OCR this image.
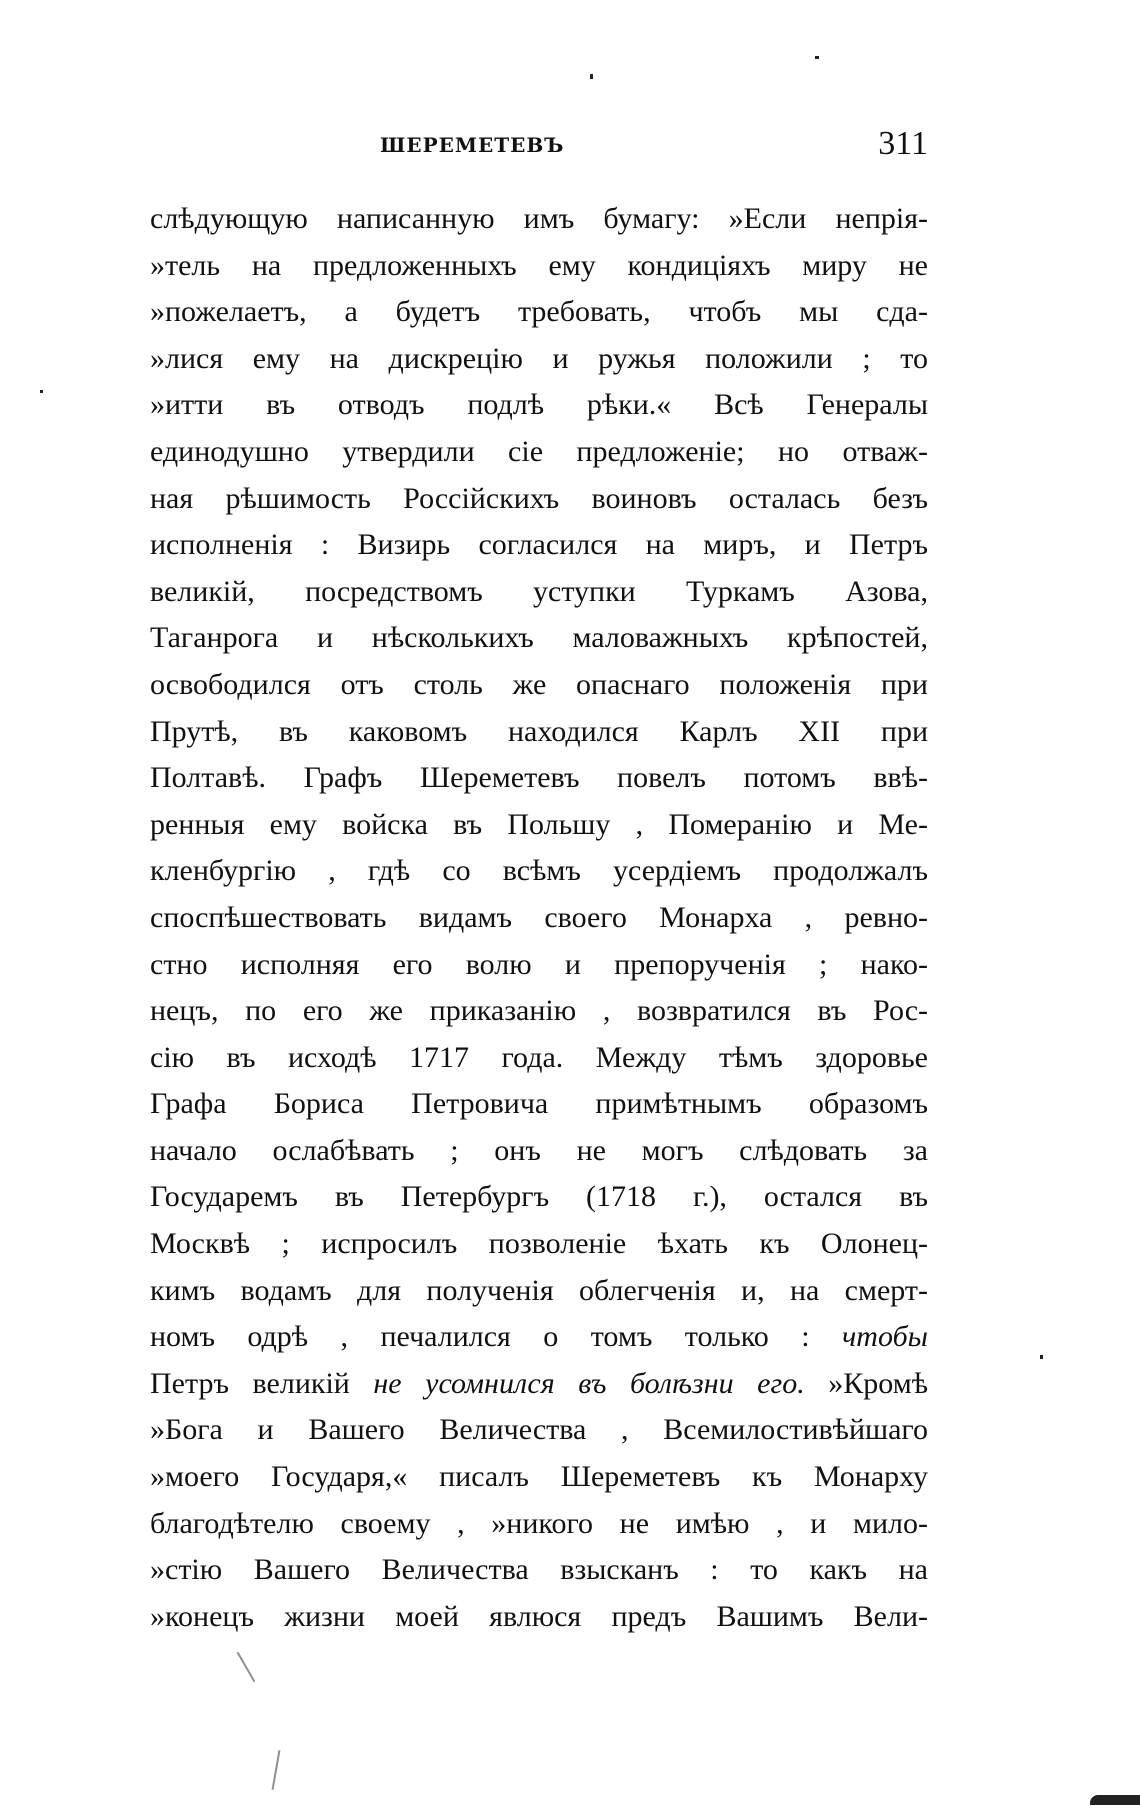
ШЕРЕМЕТЕВЪ	311
слѣдующую написанную имъ бумагу: »Если непрія-
»тель на предложенныхъ ему кондиціяхъ миру не
»пожелаетъ, а будетъ требовать, чтобъ мы сда-
»лися ему на дискрецію и ружья положили ; то
»итти въ отводъ подлѣ рѣки.« Всѣ Генералы
единодушно утвердили сіе предложеніе; но отваж-
ная рѣшимость Россійскихъ воиновъ осталась безъ
исполненія : Визирь согласился на миръ, и Петръ
великій, посредствомъ уступки Туркамъ Азова,
Таганрога и нѣсколькихъ маловажныхъ крѣпостей,
освободился отъ столь же опаснаго положенія при
Прутѣ, въ каковомъ находился Карлъ XII при
Полтавѣ. Графъ Шереметевъ повелъ потомъ ввѣ-
ренныя ему войска въ Польшу , Померанію и Ме-
кленбургію , гдѣ со всѣмъ усердіемъ продолжалъ
споспѣшествовать видамъ своего Монарха , ревно-
стно исполняя его волю и препорученія ; нако-
нецъ, по его же приказанію , возвратился въ Рос-
сію въ исходѣ 1717 года. Между тѣмъ здоровье
Графа Бориса Петровича примѣтнымъ образомъ
начало ослабѣвать ; онъ не могъ слѣдовать за
Государемъ въ Петербургъ (1718 г.), остался въ
Москвѣ ; испросилъ позволеніе ѣхать къ Олонец-
кимъ водамъ для полученія облегченія и, на смерт-
номъ одрѣ , печалился о томъ только : чтобы
Петръ великій не усомнился въ болѣзни его. »Кромѣ
»Бога и Вашего Величества , Всемилостивѣйшаго
»моего Государя,« писалъ Шереметевъ къ Монарху
благодѣтелю своему , »никого не имѣю , и мило-
»стію Вашего Величества взысканъ : то какъ на
»конецъ жизни моей явлюся предъ Вашимъ Вели-
